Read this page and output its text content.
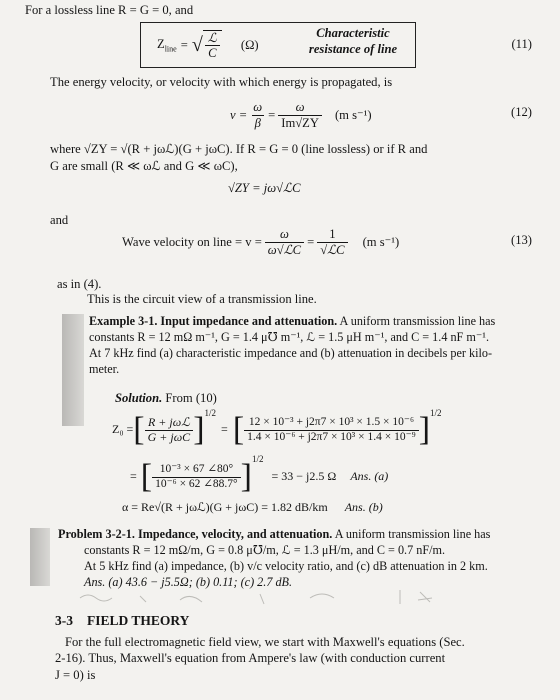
For a lossless line R = G = 0, and
$Z_{line}$ = √ $\frac{\text{ℒ}}{C} (\Omega)$
Characteristic
resistance of line	(11)
The energy velocity, or velocity with which energy is propagated, is
$v = \frac{\omega}{\beta} = \frac{\omega}{Im√ZY} (m$ s⁻¹)	(12)
where √ZY = √(R + jωℒ)(G + jωC). If R = G = 0 (line lossless) or if R and
G are small (R ≪ ωℒ and G ≪ ωC),
√ZY = jω√ℒC
and
Wave velocity on line = $v = \frac{\omega}{\text{ω√ℒC}} = \frac{1}{\text{√ℒC}} (m$ s⁻¹)	(13)
as in (4).
This is the circuit view of a transmission line.
Example 3-1. Input impedance and attenuation. A uniform transmission line has
constants R = 12 mΩ m⁻¹, G = 1.4 μ℧ m⁻¹, ℒ = 1.5 μH m⁻¹, and C = 1.4 nF m⁻¹.
At 7 kHz find (a) characteristic impedance and (b) attenuation in decibels per kilo-
meter.
Solution. From (10)
Z₀ = [ $\frac{\text{R + jωℒ}}{\text{G + jωC}} ]^{1/2}$
= [ $\frac{\text{12 × 10⁻³ + j2π7 × 10³ × 1.5 × 10⁻⁶}}{\text{1.4 × 10⁻⁶ + j2π7 × 10³ × 1.4 × 10⁻⁹}} ]^{1/2}$
= [ $\frac{\text{10⁻³ × 67 ∠80°}}{\text{10⁻⁶ × 62 ∠88.7°}} ]^{1/2}$
= 33 − j2.5 Ω Ans. (a)
α = Re√(R + jωℒ)(G + jωC) = 1.82 dB/km Ans. (b)
Problem 3-2-1. Impedance, velocity, and attenuation. A uniform transmission line has
constants R = 12 mΩ/m, G = 0.8 μ℧/m, ℒ = 1.3 μH/m, and C = 0.7 nF/m.
At 5 kHz find (a) impedance, (b) v/c velocity ratio, and (c) dB attenuation in 2 km.
Ans. (a) 43.6 − j5.5Ω; (b) 0.11; (c) 2.7 dB.
3-3 FIELD THEORY
For the full electromagnetic field view, we start with Maxwell's equations (Sec.
2-16). Thus, Maxwell's equation from Ampere's law (with conduction current
J = 0) is
